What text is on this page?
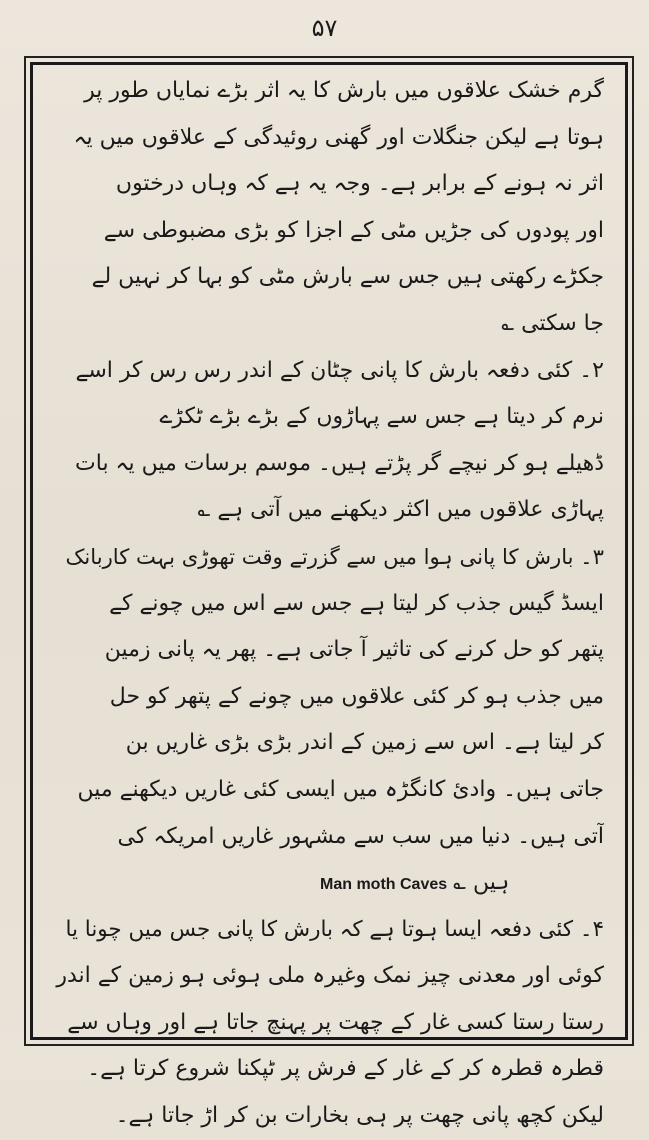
۵۷
گرم خشک علاقوں میں بارش کا یہ اثر بڑے نمایاں طور پر
ہوتا ہے لیکن جنگلات اور گھنی روئیدگی کے علاقوں میں یہ
اثر نہ ہونے کے برابر ہے۔ وجہ یہ ہے کہ وہاں درختوں
اور پودوں کی جڑیں مٹی کے اجزا کو بڑی مضبوطی سے
جکڑے رکھتی ہیں جس سے بارش مٹی کو بہا کر نہیں لے
جا سکتی ؎
۲۔ کئی دفعہ بارش کا پانی چٹان کے اندر رس رس کر اسے
نرم کر دیتا ہے جس سے پہاڑوں کے بڑے بڑے ٹکڑے
ڈھیلے ہو کر نیچے گر پڑتے ہیں۔ موسم برسات میں یہ بات
پہاڑی علاقوں میں اکثر دیکھنے میں آتی ہے ؎
۳۔ بارش کا پانی ہوا میں سے گزرتے وقت تھوڑی بہت کاربانک
ایسڈ گیس جذب کر لیتا ہے جس سے اس میں چونے کے
پتھر کو حل کرنے کی تاثیر آ جاتی ہے۔ پھر یہ پانی زمین
میں جذب ہو کر کئی علاقوں میں چونے کے پتھر کو حل
کر لیتا ہے۔ اس سے زمین کے اندر بڑی بڑی غاریں بن
جاتی ہیں۔ وادیٔ کانگڑہ میں ایسی کئی غاریں دیکھنے میں
آتی ہیں۔ دنیا میں سب سے مشہور غاریں امریکہ کی
Man moth Caves ہیں ؎
۴۔ کئی دفعہ ایسا ہوتا ہے کہ بارش کا پانی جس میں چونا یا
کوئی اور معدنی چیز نمک وغیرہ ملی ہوئی ہو زمین کے اندر
رستا رستا کسی غار کے چھت پر پہنچ جاتا ہے اور وہاں سے
قطرہ قطرہ کر کے غار کے فرش پر ٹپکنا شروع کرتا ہے۔
لیکن کچھ پانی چھت پر ہی بخارات بن کر اڑ جاتا ہے۔
